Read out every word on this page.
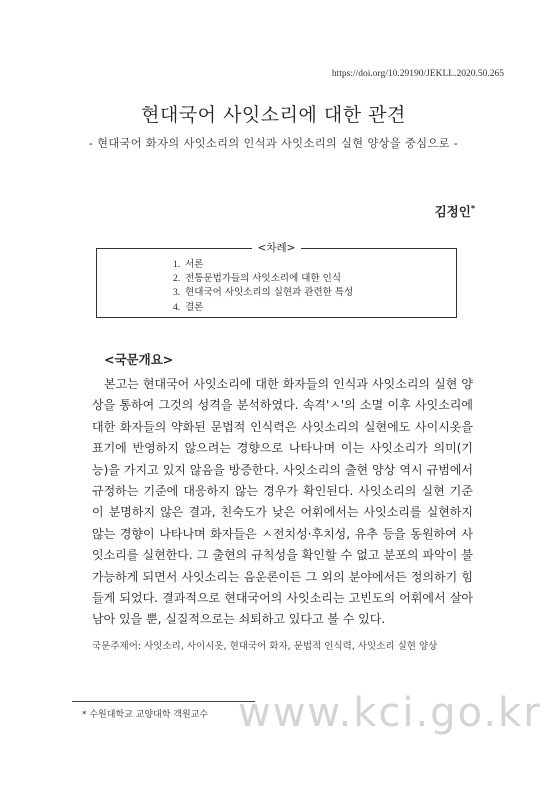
https://doi.org/10.29190/JEKLL.2020.50.265
현대국어 사잇소리에 대한 관견
- 현대국어 화자의 사잇소리의 인식과 사잇소리의 실현 양상을 중심으로 -
김정인*
<차례>
1. 서론
2. 전통문법가들의 사잇소리에 대한 인식
3. 현대국어 사잇소리의 실현과 관련한 특성
4. 결론
<국문개요>

본고는 현대국어 사잇소리에 대한 화자들의 인식과 사잇소리의 실현 양상을 통하여 그것의 성격을 분석하였다. 속격'ㅅ'의 소멸 이후 사잇소리에 대한 화자들의 약화된 문법적 인식력은 사잇소리의 실현에도 사이시옷을 표기에 반영하지 않으려는 경향으로 나타나며 이는 사잇소리가 의미(기능)을 가지고 있지 않음을 방증한다. 사잇소리의 출현 양상 역시 규범에서 규정하는 기준에 대응하지 않는 경우가 확인된다. 사잇소리의 실현 기준이 분명하지 않은 결과, 친숙도가 낮은 어휘에서는 사잇소리를 실현하지 않는 경향이 나타나며 화자들은 ㅅ전치성·후치성, 유추 등을 동원하여 사잇소리를 실현한다. 그 출현의 규칙성을 확인할 수 없고 분포의 파악이 불가능하게 되면서 사잇소리는 음운론이든 그 외의 분야에서든 정의하기 힘들게 되었다. 결과적으로 현대국어의 사잇소리는 고빈도의 어휘에서 살아남아 있을 뿐, 실질적으로는 쇠퇴하고 있다고 볼 수 있다.

국문주제어: 사잇소리, 사이시옷, 현대국어 화자, 문법적 인식력, 사잇소리 실현 양상
www.kci.go.kr
* 수원대학교 교양대학 객원교수
